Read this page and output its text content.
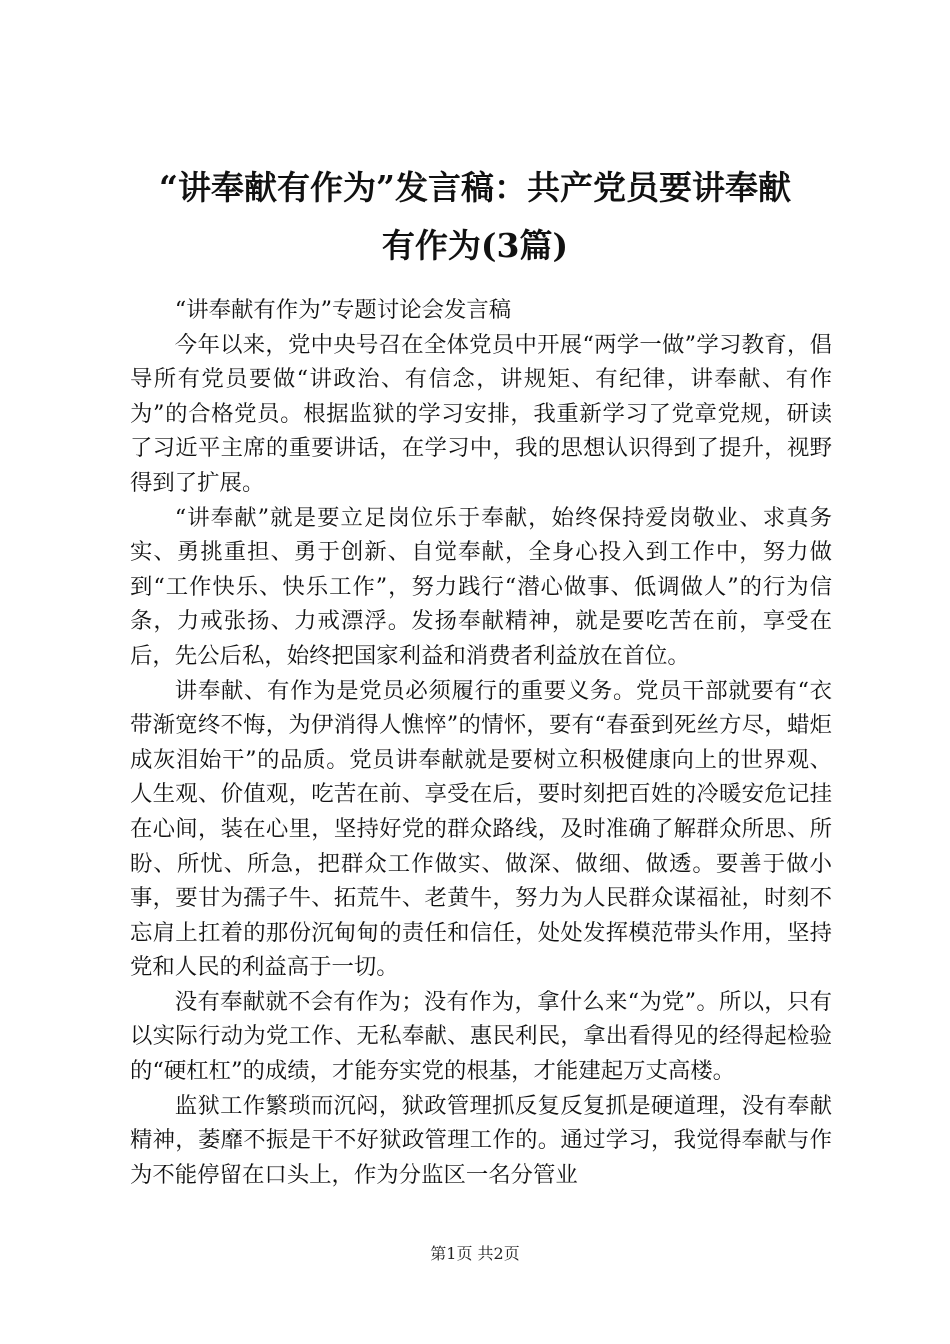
“讲奉献有作为”发言稿：共产党员要讲奉献
有作为(3篇)

“讲奉献有作为”专题讨论会发言稿

今年以来，党中央号召在全体党员中开展“两学一做”学习教育，倡导所有党员要做“讲政治、有信念，讲规矩、有纪律，讲奉献、有作为”的合格党员。根据监狱的学习安排，我重新学习了党章党规，研读了习近平主席的重要讲话，在学习中，我的思想认识得到了提升，视野得到了扩展。

“讲奉献”就是要立足岗位乐于奉献，始终保持爱岗敬业、求真务实、勇挑重担、勇于创新、自觉奉献，全身心投入到工作中，努力做到“工作快乐、快乐工作”，努力践行“潜心做事、低调做人”的行为信条，力戒张扬、力戒漂浮。发扬奉献精神，就是要吃苦在前，享受在后，先公后私，始终把国家利益和消费者利益放在首位。

讲奉献、有作为是党员必须履行的重要义务。党员干部就要有“衣带渐宽终不悔，为伊消得人憔悴”的情怀，要有“春蚕到死丝方尽，蜡炬成灰泪始干”的品质。党员讲奉献就是要树立积极健康向上的世界观、人生观、价值观，吃苦在前、享受在后，要时刻把百姓的冷暖安危记挂在心间，装在心里，坚持好党的群众路线，及时准确了解群众所思、所盼、所忧、所急，把群众工作做实、做深、做细、做透。要善于做小事，要甘为孺子牛、拓荒牛、老黄牛，努力为人民群众谋福祉，时刻不忘肩上扛着的那份沉甸甸的责任和信任，处处发挥模范带头作用，坚持党和人民的利益高于一切。

没有奉献就不会有作为；没有作为，拿什么来“为党”。所以，只有以实际行动为党工作、无私奉献、惠民利民，拿出看得见的经得起检验的“硬杠杠”的成绩，才能夯实党的根基，才能建起万丈高楼。

监狱工作繁琐而沉闷，狱政管理抓反复反复抓是硬道理，没有奉献精神，萎靡不振是干不好狱政管理工作的。通过学习，我觉得奉献与作为不能停留在口头上，作为分监区一名分管业

第1页 共2页
